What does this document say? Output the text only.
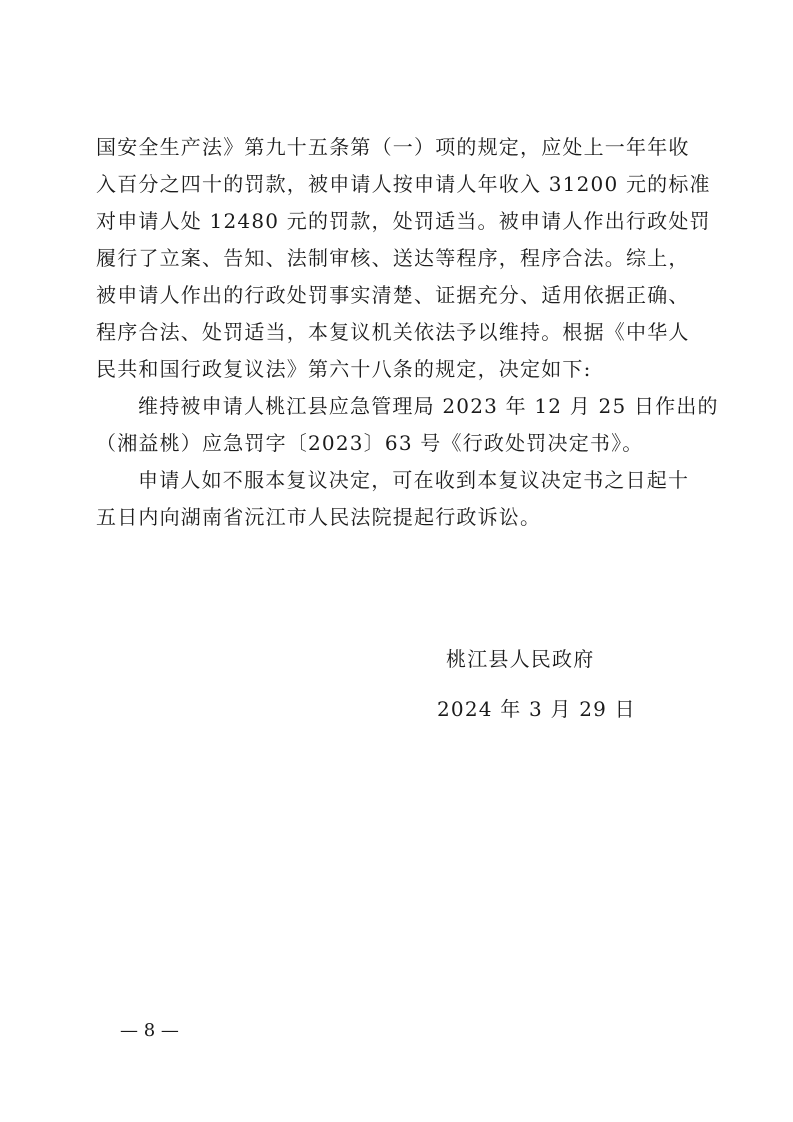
国安全生产法》第九十五条第（一）项的规定，应处上一年年收
入百分之四十的罚款，被申请人按申请人年收入 31200 元的标准
对申请人处 12480 元的罚款，处罚适当。被申请人作出行政处罚
履行了立案、告知、法制审核、送达等程序，程序合法。综上，
被申请人作出的行政处罚事实清楚、证据充分、适用依据正确、
程序合法、处罚适当，本复议机关依法予以维持。根据《中华人
民共和国行政复议法》第六十八条的规定，决定如下:
维持被申请人桃江县应急管理局 2023 年 12 月 25 日作出的
（湘益桃）应急罚字〔2023〕63 号《行政处罚决定书》。
申请人如不服本复议决定，可在收到本复议决定书之日起十
五日内向湖南省沅江市人民法院提起行政诉讼。
桃江县人民政府
2024 年 3 月 29 日
— 8 —
